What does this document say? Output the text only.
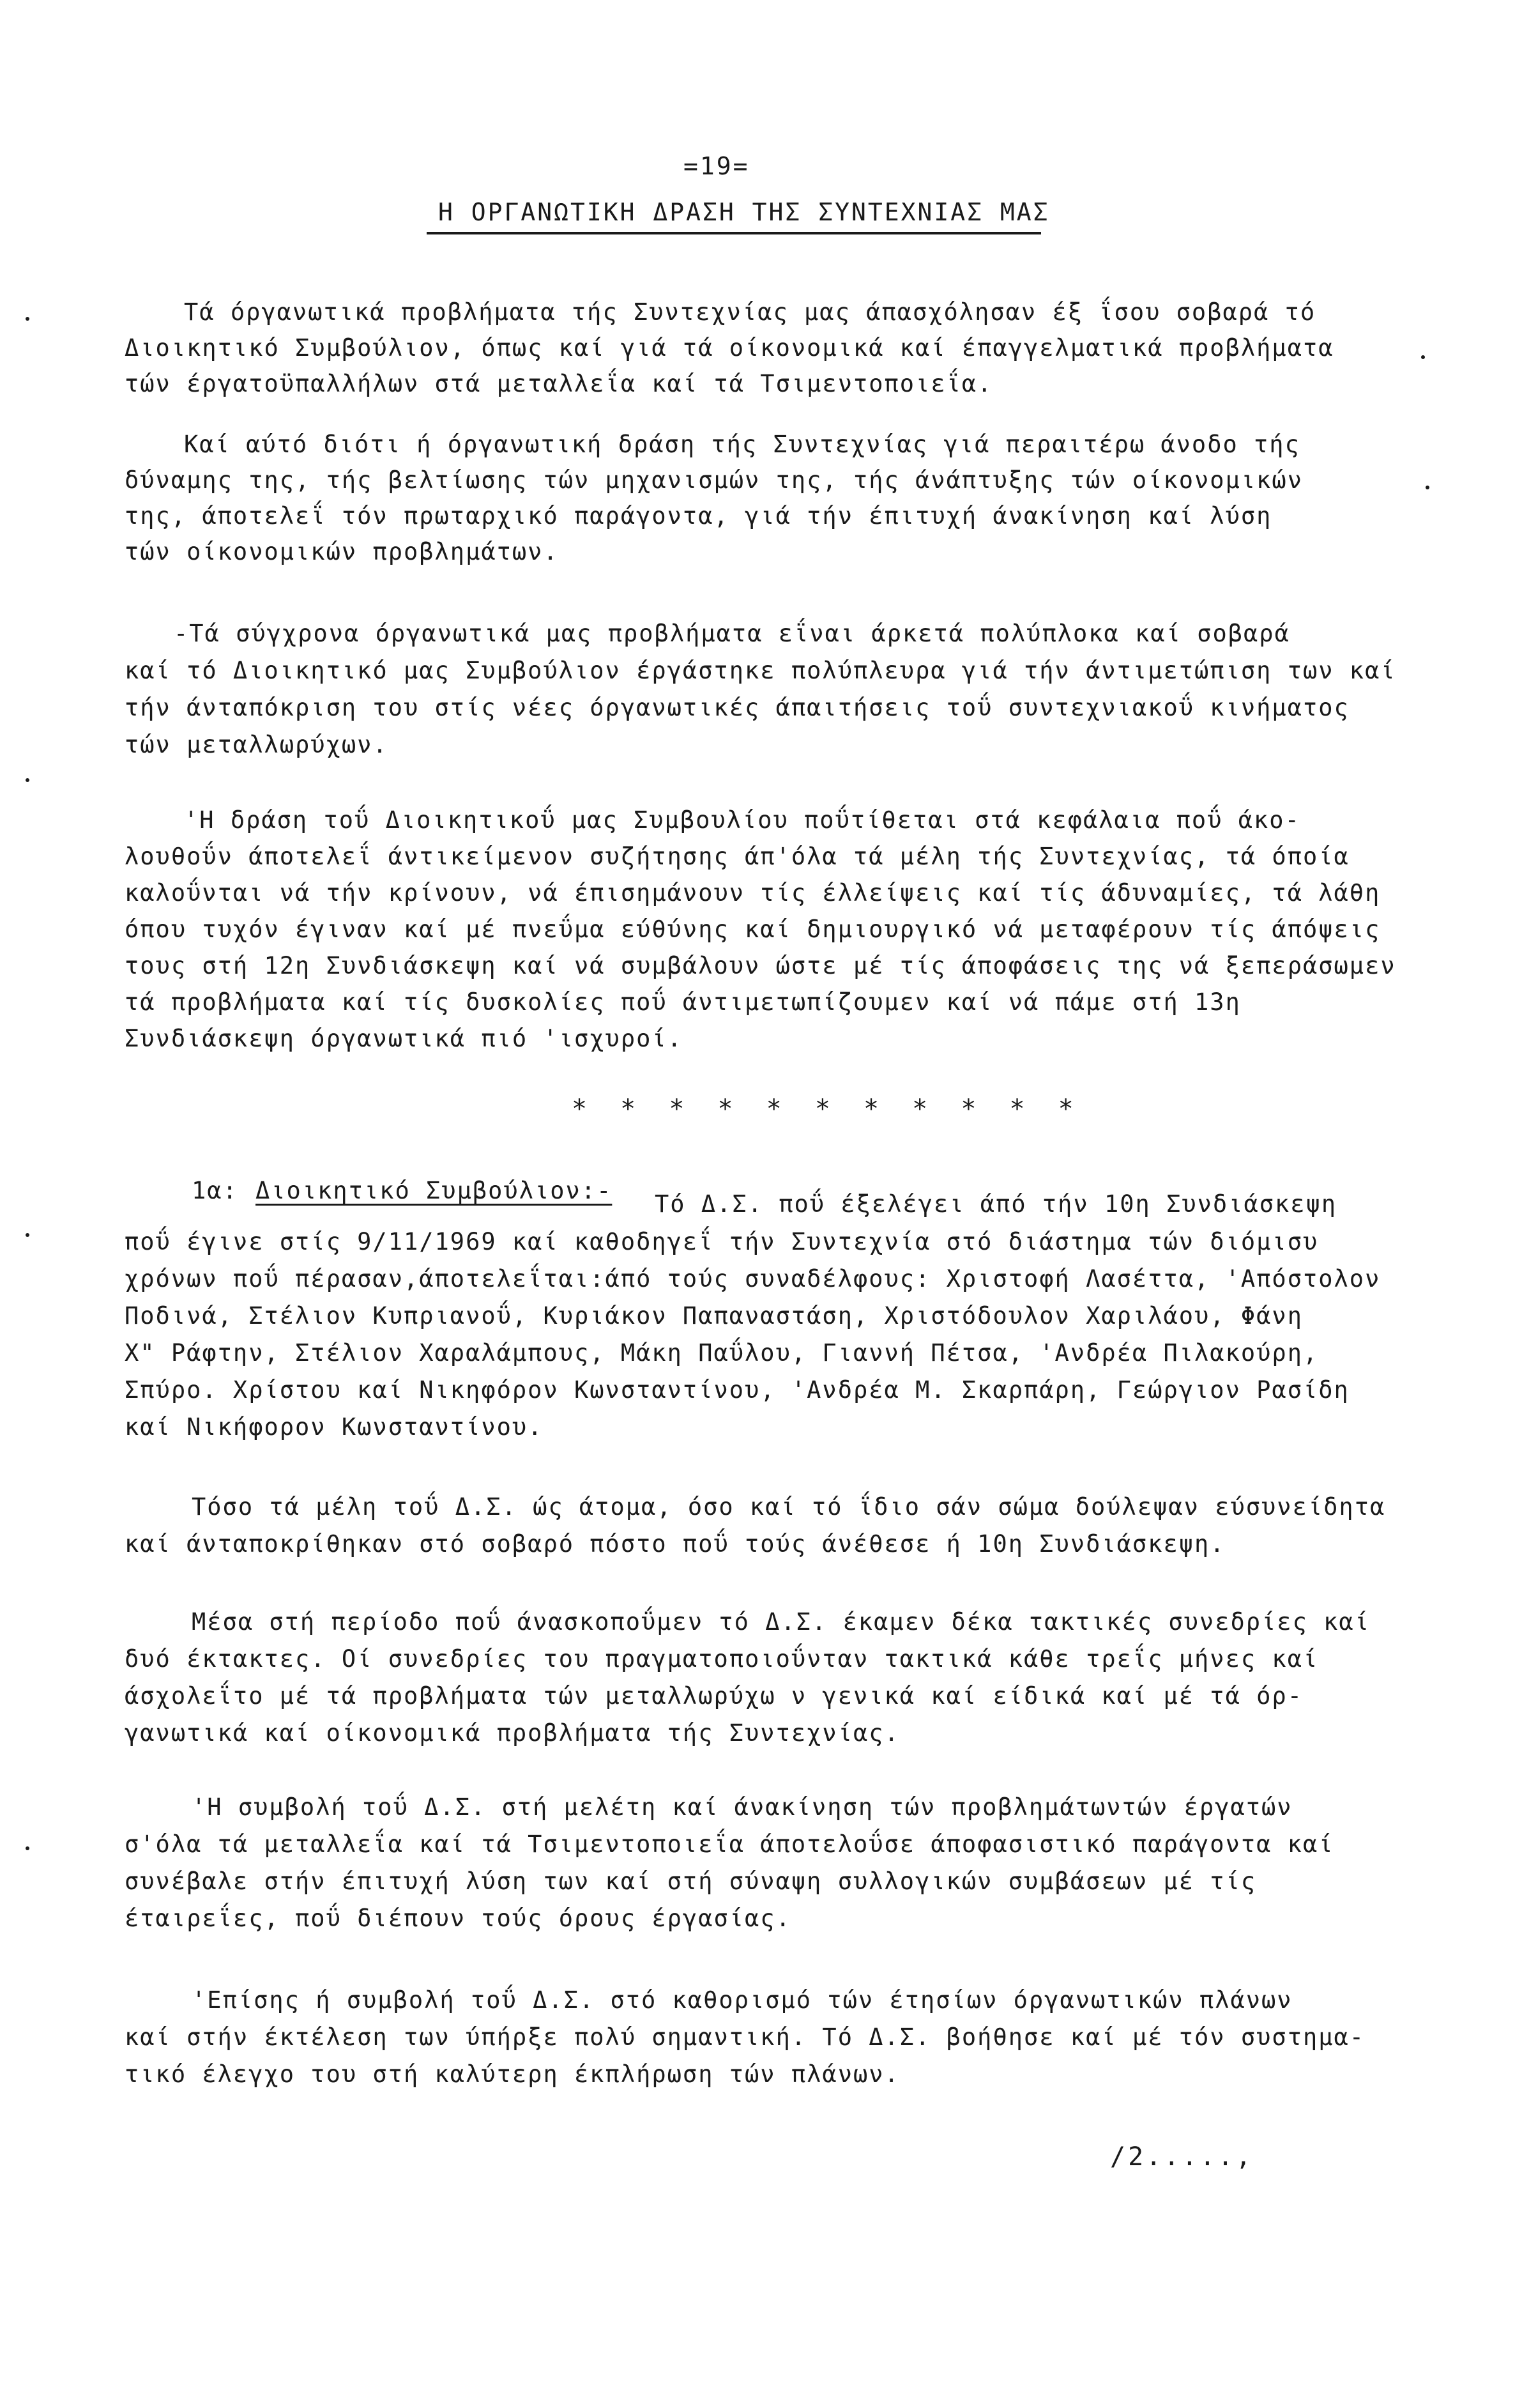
=19=
Η ΟΡΓΑΝΩΤΙΚΗ ΔΡΑΣΗ ΤΗΣ ΣΥΝΤΕΧΝΙΑΣ ΜΑΣ
Τά όργανωτικά προβλήματα τής Συντεχνίας μας άπασχόλησαν έξ ΐσου σοβαρά τό
Διοικητικό Συμβούλιον, όπως καί γιά τά οίκονομικά καί έπαγγελματικά προβλήματα
τών έργατοϋπαλλήλων στά μεταλλεΐα καί τά Τσιμεντοποιεΐα.
Καί αύτό διότι ή όργανωτική δράση τής Συντεχνίας γιά περαιτέρω άνοδο τής
δύναμης της, τής βελτίωσης τών μηχανισμών της, τής άνάπτυξης τών οίκονομικών
της, άποτελεΐ τόν πρωταρχικό παράγοντα, γιά τήν έπιτυχή άνακίνηση καί λύση
τών οίκονομικών προβλημάτων.
-Τά σύγχρονα όργανωτικά μας προβλήματα εΐναι άρκετά πολύπλοκα καί σοβαρά
καί τό Διοικητικό μας Συμβούλιον έργάστηκε πολύπλευρα γιά τήν άντιμετώπιση των καί
τήν άνταπόκριση του στίς νέες όργανωτικές άπαιτήσεις τοΰ συντεχνιακοΰ κινήματος
τών μεταλλωρύχων.
'Η δράση τοΰ Διοικητικοΰ μας Συμβουλίου ποΰτίθεται στά κεφάλαια ποΰ άκο-
λουθοΰν άποτελεΐ άντικείμενον συζήτησης άπ'όλα τά μέλη τής Συντεχνίας, τά όποία
καλοΰνται νά τήν κρίνουν, νά έπισημάνουν τίς έλλείψεις καί τίς άδυναμίες, τά λάθη
όπου τυχόν έγιναν καί μέ πνεΰμα εύθύνης καί δημιουργικό νά μεταφέρουν τίς άπόψεις
τους στή 12η Συνδιάσκεψη καί νά συμβάλουν ώστε μέ τίς άποφάσεις της νά ξεπεράσωμεν
τά προβλήματα καί τίς δυσκολίες ποΰ άντιμετωπίζουμεν καί νά πάμε στή 13η
Συνδιάσκεψη όργανωτικά πιό 'ισχυροί.
* * * * * * * * * * *
1α: Διοικητικό Συμβούλιον:- Τό Δ.Σ. ποΰ έξελέγει άπό τήν 10η Συνδιάσκεψη
ποΰ έγινε στίς 9/11/1969 καί καθοδηγεΐ τήν Συντεχνία στό διάστημα τών διόμισυ
χρόνων ποΰ πέρασαν,άποτελεΐται:άπό τούς συναδέλφους: Χριστοφή Λασέττα, 'Απόστολον
Ποδινά, Στέλιον Κυπριανοΰ, Κυριάκον Παπαναστάση, Χριστόδουλον Χαριλάου, Φάνη
Χ" Ράφτην, Στέλιον Χαραλάμπους, Μάκη Παΰλου, Γιαννή Πέτσα, 'Ανδρέα Πιλακούρη,
Σπύρο. Χρίστου καί Νικηφόρον Κωνσταντίνου, 'Ανδρέα Μ. Σκαρπάρη, Γεώργιον Ρασίδη
καί Νικήφορον Κωνσταντίνου.
Τόσο τά μέλη τοΰ Δ.Σ. ώς άτομα, όσο καί τό ΐδιο σάν σώμα δούλεψαν εύσυνείδητα
καί άνταποκρίθηκαν στό σοβαρό πόστο ποΰ τούς άνέθεσε ή 10η Συνδιάσκεψη.
Μέσα στή περίοδο ποΰ άνασκοποΰμεν τό Δ.Σ. έκαμεν δέκα τακτικές συνεδρίες καί
δυό έκτακτες. Οί συνεδρίες του πραγματοποιοΰνταν τακτικά κάθε τρεΐς μήνες καί
άσχολεΐτο μέ τά προβλήματα τών μεταλλωρύχω ν γενικά καί είδικά καί μέ τά όρ-
γανωτικά καί οίκονομικά προβλήματα τής Συντεχνίας.
'Η συμβολή τοΰ Δ.Σ. στή μελέτη καί άνακίνηση τών προβλημάτωντών έργατών
σ'όλα τά μεταλλεΐα καί τά Τσιμεντοποιεΐα άποτελοΰσε άποφασιστικό παράγοντα καί
συνέβαλε στήν έπιτυχή λύση των καί στή σύναψη συλλογικών συμβάσεων μέ τίς
έταιρεΐες, ποΰ διέπουν τούς όρους έργασίας.
'Επίσης ή συμβολή τοΰ Δ.Σ. στό καθορισμό τών έτησίων όργανωτικών πλάνων
καί στήν έκτέλεση των ύπήρξε πολύ σημαντική. Τό Δ.Σ. βοήθησε καί μέ τόν συστημα-
τικό έλεγχο του στή καλύτερη έκπλήρωση τών πλάνων.
/2.....,
